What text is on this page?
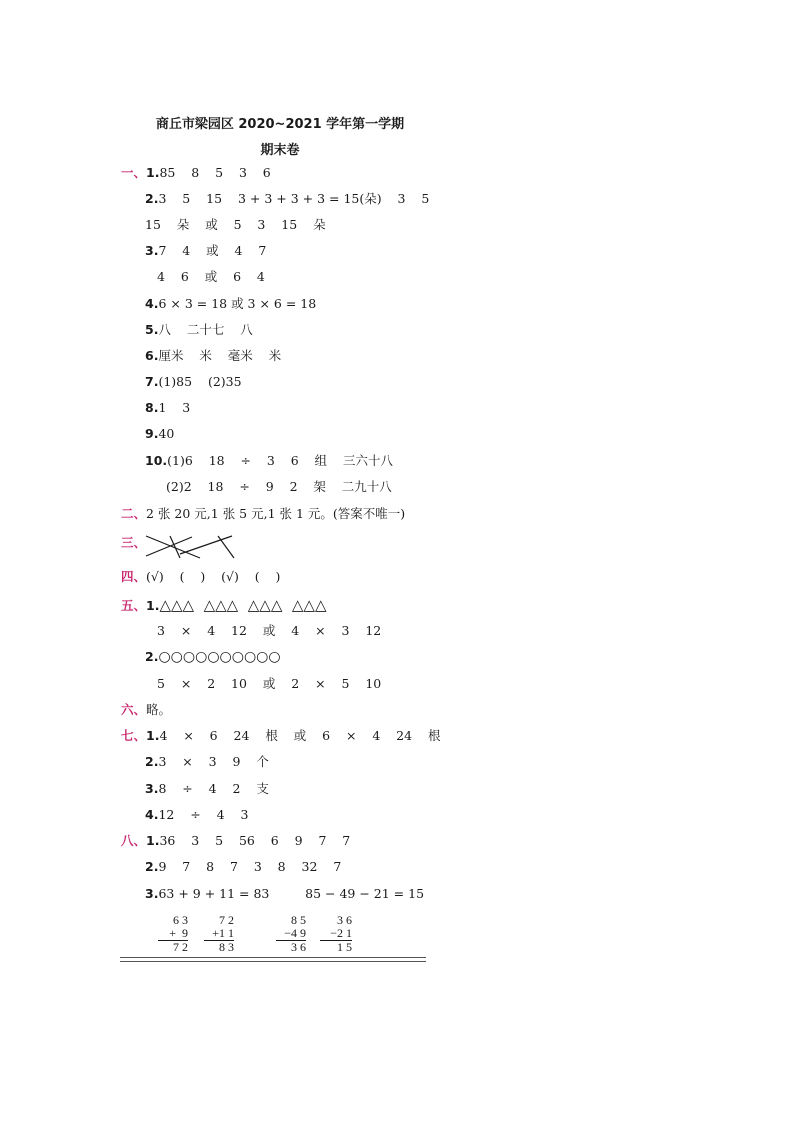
商丘市梁园区 2020~2021 学年第一学期
期末卷
一、1.85    8    5    3    6
2.3    5    15    3 + 3 + 3 + 3 = 15(朵)    3    5
15    朵    或    5    3    15    朵
3.7    4    或    4    7
4    6    或    6    4
4.6 × 3 = 18 或 3 × 6 = 18
5.八    二十七    八
6.厘米    米    毫米    米
7.(1)85    (2)35
8.1    3
9.40
10.(1)6    18    ÷    3    6    组    三六十八
(2)2    18    ÷    9    2    架    二九十八
二、2 张 20 元,1 张 5 元,1 张 1 元。(答案不唯一)
三、
四、(√)    (    )    (√)    (    )
五、1.△△△  △△△  △△△  △△△
3    ×    4    12    或    4    ×    3    12
2.○○○○○○○○○○
5    ×    2    10    或    2    ×    5    10
六、略。
七、1.4    ×    6    24    根    或    6    ×    4    24    根
2.3    ×    3    9    个
3.8    ÷    4    2    支
4.12    ÷    4    3
八、1.36    3    5    56    6    9    7    7
2.9    7    8    7    3    8    32    7
3.63 + 9 + 11 = 83         85 − 49 − 21 = 15
6 3
+  9
7 2
7 2
+1 1
8 3
8 5
−4 9
3 6
3 6
−2 1
1 5
